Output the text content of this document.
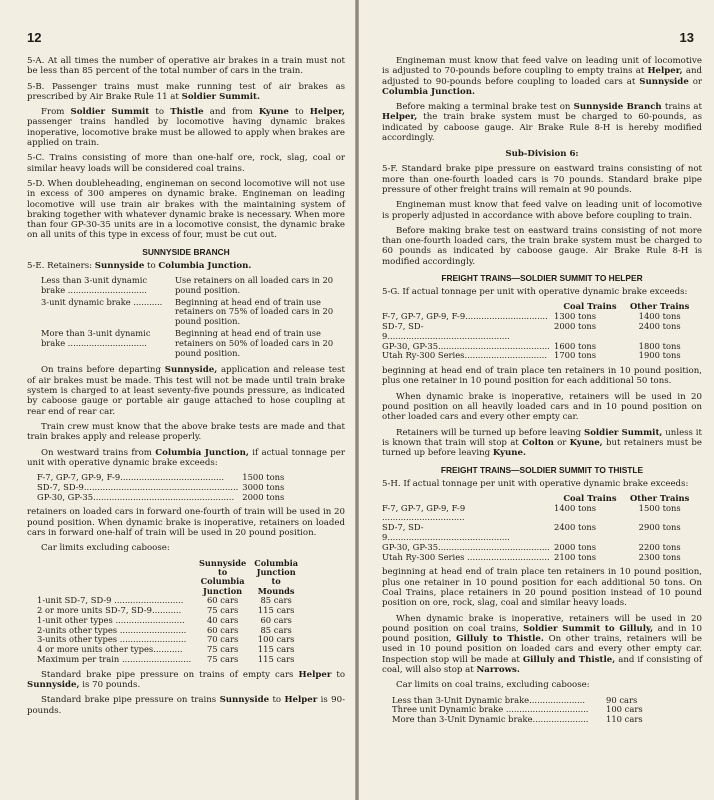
12

5-A. At all times the number of operative air brakes in a train must not be less than 85 percent of the total number of cars in the train.

5-B. Passenger trains must make running test of air brakes as prescribed by Air Brake Rule 11 at Soldier Summit.

From Soldier Summit to Thistle and from Kyune to Helper, passenger trains handled by locomotive having dynamic brakes inoperative, locomotive brake must be allowed to apply when brakes are applied on train.

5-C. Trains consisting of more than one-half ore, rock, slag, coal or similar heavy loads will be considered coal trains.

5-D. When doubleheading, engineman on second locomotive will not use in excess of 300 amperes on dynamic brake. Engineman on leading locomotive will use train air brakes with the maintaining system of braking together with whatever dynamic brake is necessary. When more than four GP-30-35 units are in a locomotive consist, the dynamic brake on all units of this type in excess of four, must be cut out.

SUNNYSIDE BRANCH

5-E. Retainers: Sunnyside to Columbia Junction.

Less than 3-unit dynamic brake ..............................
Use retainers on all loaded cars in 20 pound position.
3-unit dynamic brake ...........	Beginning at head end of train use retainers on 75% of loaded cars in 20 pound position.
More than 3-unit dynamic brake ..............................
Beginning at head end of train use retainers on 50% of loaded cars in 20 pound position.

On trains before departing Sunnyside, application and release test of air brakes must be made. This test will not be made until train brake system is charged to at least seventy-five pounds pressure, as indicated by caboose gauge or portable air gauge attached to hose coupling at rear end of rear car.

Train crew must know that the above brake tests are made and that train brakes apply and release properly.

On westward trains from Columbia Junction, if actual tonnage per unit with operative dynamic brake exceeds:

F-7, GP-7, GP-9, F-9.......................................	1500 tons
SD-7, SD-9..........................................................	3000 tons
GP-30, GP-35.....................................................	2000 tons

retainers on loaded cars in forward one-fourth of train will be used in 20 pound position. When dynamic brake is inoperative, retainers on loaded cars in forward one-half of train will be used in 20 pound position.

Car limits excluding caboose:

	Sunnyside
to
Columbia
Junction	Columbia
Junction
to
Mounds
1-unit SD-7, SD-9 ..........................	60 cars	85 cars
2 or more units SD-7, SD-9...........	75 cars	115 cars
1-unit other types ..........................	40 cars	60 cars
2-units other types .........................	60 cars	85 cars
3-units other types .........................	70 cars	100 cars
4 or more units other types...........	75 cars	115 cars
Maximum per train ..........................	75 cars	115 cars

Standard brake pipe pressure on trains of empty cars Helper to Sunnyside, is 70 pounds.

Standard brake pipe pressure on trains Sunnyside to Helper is 90-pounds.

13

Engineman must know that feed valve on leading unit of locomotive is adjusted to 70-pounds before coupling to empty trains at Helper, and adjusted to 90-pounds before coupling to loaded cars at Sunnyside or Columbia Junction.

Before making a terminal brake test on Sunnyside Branch trains at Helper, the train brake system must be charged to 60-pounds, as indicated by caboose gauge. Air Brake Rule 8-H is hereby modified accordingly.

Sub-Division 6:

5-F. Standard brake pipe pressure on eastward trains consisting of not more than one-fourth loaded cars is 70 pounds. Standard brake pipe pressure of other freight trains will remain at 90 pounds.

Engineman must know that feed valve on leading unit of locomotive is properly adjusted in accordance with above before coupling to train.

Before making brake test on eastward trains consisting of not more than one-fourth loaded cars, the train brake system must be charged to 60 pounds as indicated by caboose gauge. Air Brake Rule 8-H is modified accordingly.

FREIGHT TRAINS—SOLDIER SUMMIT TO HELPER

5-G. If actual tonnage per unit with operative dynamic brake exceeds:

	Coal Trains	Other Trains
F-7, GP-7, GP-9, F-9...............................	1300 tons	1400 tons
SD-7, SD-9..............................................	2000 tons	2400 tons
GP-30, GP-35..........................................	1600 tons	1800 tons
Utah Ry-300 Series...............................	1700 tons	1900 tons

beginning at head end of train place ten retainers in 10 pound position, plus one retainer in 10 pound position for each additional 50 tons.

When dynamic brake is inoperative, retainers will be used in 20 pound position on all heavily loaded cars and in 10 pound position on other loaded cars and every other empty car.

Retainers will be turned up before leaving Soldier Summit, unless it is known that train will stop at Colton or Kyune, but retainers must be turned up before leaving Kyune.

FREIGHT TRAINS—SOLDIER SUMMIT TO THISTLE

5-H. If actual tonnage per unit with operative dynamic brake exceeds:

	Coal Trains	Other Trains
F-7, GP-7, GP-9, F-9 ...............................	1400 tons	1500 tons
SD-7, SD-9..............................................	2400 tons	2900 tons
GP-30, GP-35..........................................	2000 tons	2200 tons
Utah Ry-300 Series ...............................	2100 tons	2300 tons

beginning at head end of train place ten retainers in 10 pound position, plus one retainer in 10 pound position for each additional 50 tons. On Coal Trains, place retainers in 20 pound position instead of 10 pound position on ore, rock, slag, coal and similar heavy loads.

When dynamic brake is inoperative, retainers will be used in 20 pound position on coal trains, Soldier Summit to Gilluly, and in 10 pound position, Gilluly to Thistle. On other trains, retainers will be used in 10 pound position on loaded cars and every other empty car. Inspection stop will be made at Gilluly and Thistle, and if consisting of coal, will also stop at Narrows.

Car limits on coal trains, excluding caboose:

Less than 3-Unit Dynamic brake.....................	90 cars
Three unit Dynamic brake ...............................	100 cars
More than 3-Unit Dynamic brake.....................	110 cars
